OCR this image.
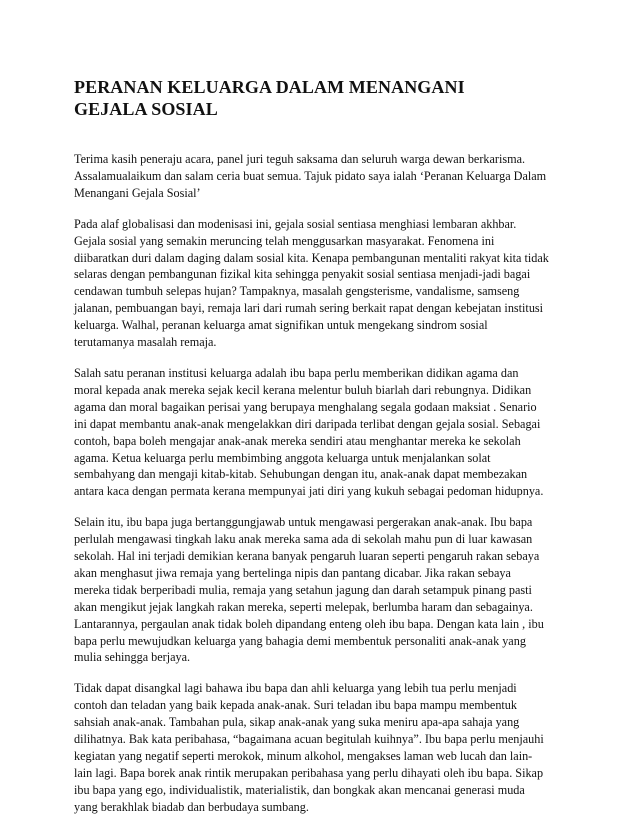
PERANAN KELUARGA DALAM MENANGANI
GEJALA SOSIAL
Terima kasih peneraju acara, panel juri teguh saksama dan seluruh warga dewan berkarisma.
Assalamualaikum dan salam ceria buat semua. Tajuk pidato saya ialah ‘Peranan Keluarga Dalam
Menangani Gejala Sosial’
Pada alaf globalisasi dan modenisasi ini, gejala sosial sentiasa menghiasi lembaran akhbar.
Gejala sosial yang semakin meruncing telah menggusarkan masyarakat. Fenomena ini
diibaratkan duri dalam daging dalam sosial kita. Kenapa pembangunan mentaliti rakyat kita tidak
selaras dengan pembangunan fizikal kita sehingga penyakit sosial sentiasa menjadi-jadi bagai
cendawan tumbuh selepas hujan? Tampaknya, masalah gengsterisme, vandalisme, samseng
jalanan, pembuangan bayi, remaja lari dari rumah sering berkait rapat dengan kebejatan institusi
keluarga. Walhal, peranan keluarga amat signifikan untuk mengekang sindrom sosial
terutamanya masalah remaja.
Salah satu peranan institusi keluarga adalah ibu bapa perlu memberikan didikan agama dan
moral kepada anak mereka sejak kecil kerana melentur buluh biarlah dari rebungnya. Didikan
agama dan moral bagaikan perisai yang berupaya menghalang segala godaan maksiat . Senario
ini dapat membantu anak-anak mengelakkan diri daripada terlibat dengan gejala sosial. Sebagai
contoh, bapa boleh mengajar anak-anak mereka sendiri atau menghantar mereka ke sekolah
agama. Ketua keluarga perlu membimbing anggota keluarga untuk menjalankan solat
sembahyang dan mengaji kitab-kitab. Sehubungan dengan itu, anak-anak dapat membezakan
antara kaca dengan permata kerana mempunyai jati diri yang kukuh sebagai pedoman hidupnya.
Selain itu, ibu bapa juga bertanggungjawab untuk mengawasi pergerakan anak-anak. Ibu bapa
perlulah mengawasi tingkah laku anak mereka sama ada di sekolah mahu pun di luar kawasan
sekolah. Hal ini terjadi demikian kerana banyak pengaruh luaran seperti pengaruh rakan sebaya
akan menghasut jiwa remaja yang bertelinga nipis dan pantang dicabar. Jika rakan sebaya
mereka tidak berperibadi mulia, remaja yang setahun jagung dan darah setampuk pinang pasti
akan mengikut jejak langkah rakan mereka, seperti melepak, berlumba haram dan sebagainya.
Lantarannya, pergaulan anak tidak boleh dipandang enteng oleh ibu bapa. Dengan kata lain , ibu
bapa perlu mewujudkan keluarga yang bahagia demi membentuk personaliti anak-anak yang
mulia sehingga berjaya.
Tidak dapat disangkal lagi bahawa ibu bapa dan ahli keluarga yang lebih tua perlu menjadi
contoh dan teladan yang baik kepada anak-anak. Suri teladan ibu bapa mampu membentuk
sahsiah anak-anak. Tambahan pula, sikap anak-anak yang suka meniru apa-apa sahaja yang
dilihatnya. Bak kata peribahasa, “bagaimana acuan begitulah kuihnya”. Ibu bapa perlu menjauhi
kegiatan yang negatif seperti merokok, minum alkohol, mengakses laman web lucah dan lain-
lain lagi. Bapa borek anak rintik merupakan peribahasa yang perlu dihayati oleh ibu bapa. Sikap
ibu bapa yang ego, individualistik, materialistik, dan bongkak akan mencanai generasi muda
yang berakhlak biadab dan berbudaya sumbang.
